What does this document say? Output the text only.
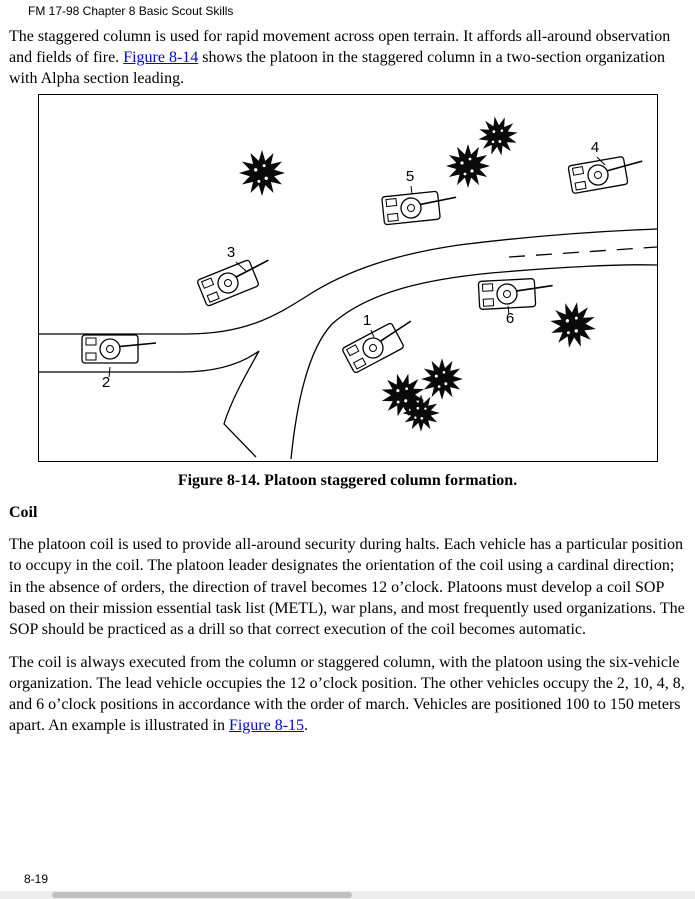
FM 17-98 Chapter 8 Basic Scout Skills

The staggered column is used for rapid movement across open terrain. It affords all-around observation and fields of fire. Figure 8-14 shows the platoon in the staggered column in a two-section organization with Alpha section leading.

1
2
3
4
5
6
Figure 8-14. Platoon staggered column formation.
Coil

The platoon coil is used to provide all-around security during halts. Each vehicle has a particular position to occupy in the coil. The platoon leader designates the orientation of the coil using a cardinal direction; in the absence of orders, the direction of travel becomes 12 o’clock. Platoons must develop a coil SOP based on their mission essential task list (METL), war plans, and most frequently used organizations. The SOP should be practiced as a drill so that correct execution of the coil becomes automatic.

The coil is always executed from the column or staggered column, with the platoon using the six-vehicle organization. The lead vehicle occupies the 12 o’clock position. The other vehicles occupy the 2, 10, 4, 8, and 6 o’clock positions in accordance with the order of march. Vehicles are positioned 100 to 150 meters apart. An example is illustrated in Figure 8-15.

8-19
